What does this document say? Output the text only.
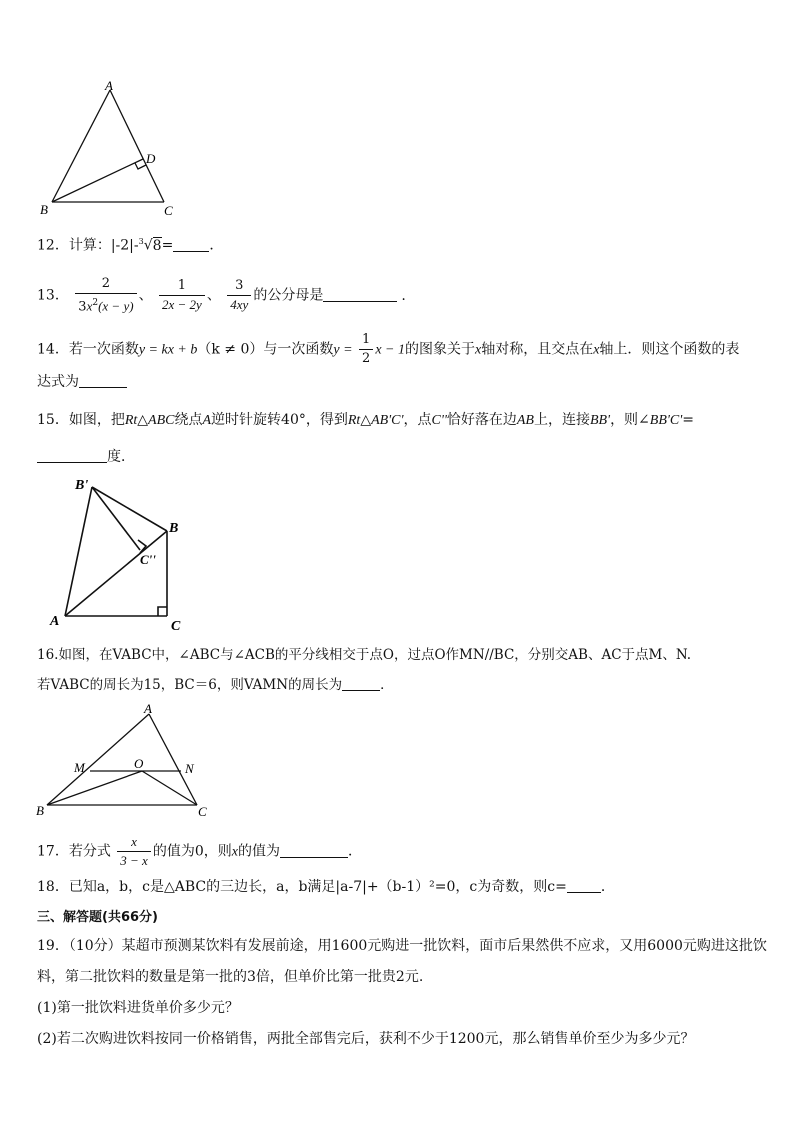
A
B	C
D
12．计算：|-2|-$^3$√8=	．
13． $\frac{2}{3x^2(x - y)}$ 、 $\frac{1}{2x - 2y}$ 、 $\frac{3}{4xy}$ 的公分母是	.
14．若一次函数y = kx + b（k ≠ 0）与一次函数$y = \frac{1}{2}$ x − 1的图象关于x轴对称，且交点在x轴上．则这个函数的表
达式为
15．如图，把Rt△ABC绕点A逆时针旋转40°，得到Rt△AB'C'，点C''恰好落在边AB上，连接BB'，则∠BB'C'=
度．
B'
B
C''
A	C
16.如图，在VABC中，∠ABC与∠ACB的平分线相交于点O，过点O作MN//BC，分别交AB、AC于点M、N.
若VABC的周长为15，BC＝6，则VAMN的周长为	．
A
M	O	N
B	C
17．若分式 $\frac{x}{3 - x}$ 的值为0，则x的值为	．
18．已知a，b，c是△ABC的三边长，a，b满足|a-7|+（b-1）²=0，c为奇数，则c= ．
三、解答题(共66分)
19．（10分）某超市预测某饮料有发展前途，用1600元购进一批饮料，面市后果然供不应求，又用6000元购进这批饮
料，第二批饮料的数量是第一批的3倍，但单价比第一批贵2元.
(1)第一批饮料进货单价多少元？
(2)若二次购进饮料按同一价格销售，两批全部售完后，获利不少于1200元，那么销售单价至少为多少元？
